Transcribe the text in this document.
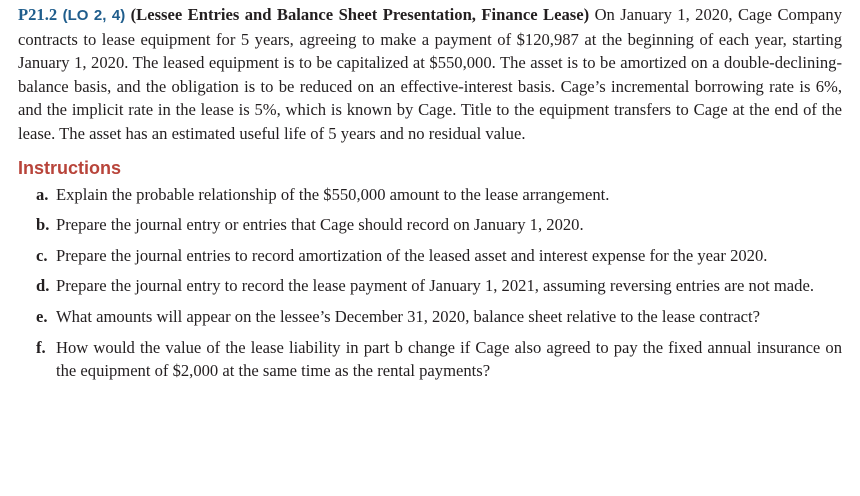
P21.2 (LO 2, 4) (Lessee Entries and Balance Sheet Presentation, Finance Lease) On January 1, 2020, Cage Company contracts to lease equipment for 5 years, agreeing to make a payment of $120,987 at the beginning of each year, starting January 1, 2020. The leased equipment is to be capitalized at $550,000. The asset is to be amortized on a double-declining-balance basis, and the obligation is to be reduced on an effective-interest basis. Cage’s incremental borrowing rate is 6%, and the implicit rate in the lease is 5%, which is known by Cage. Title to the equipment transfers to Cage at the end of the lease. The asset has an estimated useful life of 5 years and no residual value.

Instructions
a. Explain the probable relationship of the $550,000 amount to the lease arrangement.
b. Prepare the journal entry or entries that Cage should record on January 1, 2020.
c. Prepare the journal entries to record amortization of the leased asset and interest expense for the year 2020.
d. Prepare the journal entry to record the lease payment of January 1, 2021, assuming reversing entries are not made.
e. What amounts will appear on the lessee’s December 31, 2020, balance sheet relative to the lease contract?
f. How would the value of the lease liability in part b change if Cage also agreed to pay the fixed annual insurance on the equipment of $2,000 at the same time as the rental payments?
